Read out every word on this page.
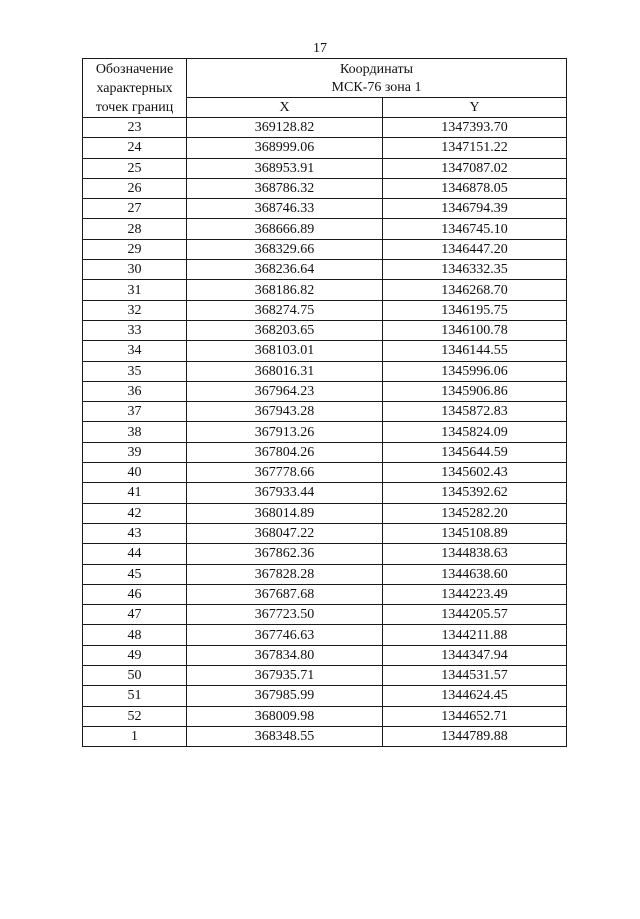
17
Обозначение
характерных
точек границ	Координаты
МСК-76 зона 1	

	X	Y
23	369128.82	1347393.70
24	368999.06	1347151.22
25	368953.91	1347087.02
26	368786.32	1346878.05
27	368746.33	1346794.39
28	368666.89	1346745.10
29	368329.66	1346447.20
30	368236.64	1346332.35
31	368186.82	1346268.70
32	368274.75	1346195.75
33	368203.65	1346100.78
34	368103.01	1346144.55
35	368016.31	1345996.06
36	367964.23	1345906.86
37	367943.28	1345872.83
38	367913.26	1345824.09
39	367804.26	1345644.59
40	367778.66	1345602.43
41	367933.44	1345392.62
42	368014.89	1345282.20
43	368047.22	1345108.89
44	367862.36	1344838.63
45	367828.28	1344638.60
46	367687.68	1344223.49
47	367723.50	1344205.57
48	367746.63	1344211.88
49	367834.80	1344347.94
50	367935.71	1344531.57
51	367985.99	1344624.45
52	368009.98	1344652.71
1	368348.55	1344789.88
